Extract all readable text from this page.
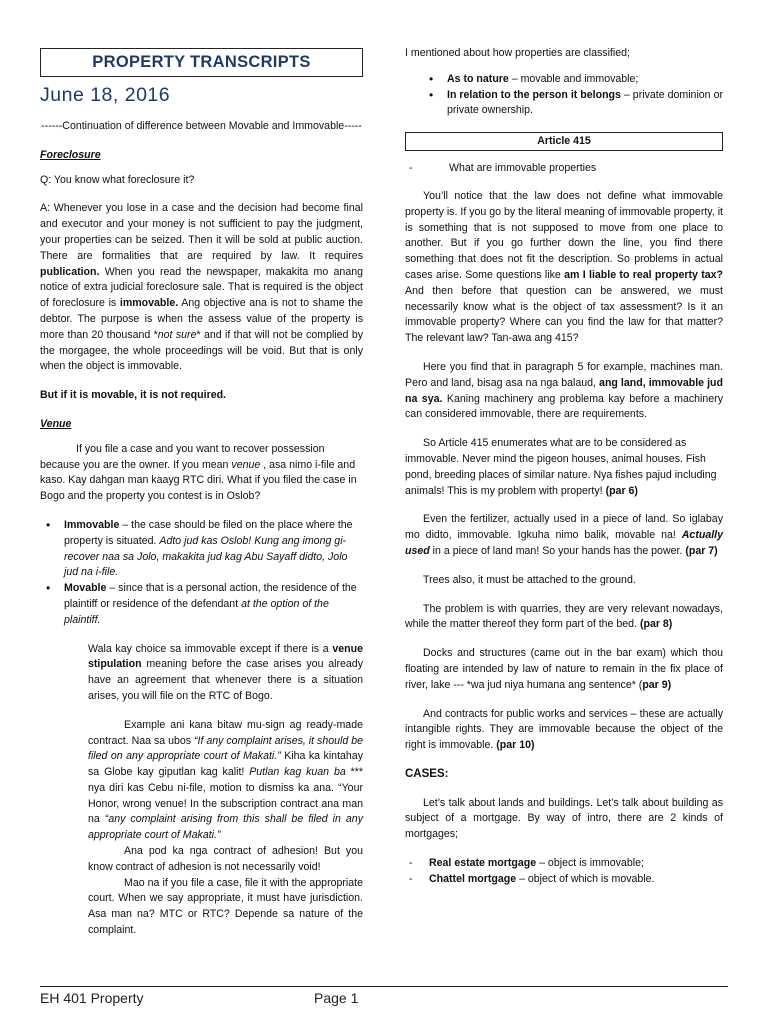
PROPERTY TRANSCRIPTS
June 18, 2016

------Continuation of difference between Movable and Immovable-----

Foreclosure

Q: You know what foreclosure it?

A: Whenever you lose in a case and the decision had become final and executor and your money is not sufficient to pay the judgment, your properties can be seized. Then it will be sold at public auction. There are formalities that are required by law. It requires publication. When you read the newspaper, makakita mo anang notice of extra judicial foreclosure sale. That is required is the object of foreclosure is immovable. Ang objective ana is not to shame the debtor. The purpose is when the assess value of the property is more than 20 thousand *not sure* and if that will not be complied by the morgagee, the whole proceedings will be void. But that is only when the object is immovable.

But if it is movable, it is not required.

Venue

If you file a case and you want to recover possession because you are the owner. If you mean venue , asa nimo i-file and kaso. Kay dahgan man kaayg RTC diri. What if you filed the case in Bogo and the property you contest is in Oslob?

• Immovable – the case should be filed on the place where the property is situated. Adto jud kas Oslob! Kung ang imong gi-recover naa sa Jolo, makakita jud kag Abu Sayaff didto, Jolo jud na i-file.
• Movable – since that is a personal action, the residence of the plaintiff or residence of the defendant at the option of the plaintiff.

Wala kay choice sa immovable except if there is a venue stipulation meaning before the case arises you already have an agreement that whenever there is a situation arises, you will file on the RTC of Bogo.

Example ani kana bitaw mu-sign ag ready-made contract. Naa sa ubos “If any complaint arises, it should be filed on any appropriate court of Makati.” Kiha ka kintahay sa Globe kay giputlan kag kalit! Putlan kag kuan ba *** nya diri kas Cebu ni-file, motion to dismiss ka ana. “Your Honor, wrong venue! In the subscription contract ana man na “any complaint arising from this shall be filed in any appropriate court of Makati.”
Ana pod ka nga contract of adhesion! But you know contract of adhesion is not necessarily void!
Mao na if you file a case, file it with the appropriate court. When we say appropriate, it must have jurisdiction. Asa man na? MTC or RTC? Depende sa nature of the complaint.

I mentioned about how properties are classified;

• As to nature – movable and immovable;
• In relation to the person it belongs – private dominion or private ownership.
Article 415
- What are immovable properties

You’ll notice that the law does not define what immovable property is. If you go by the literal meaning of immovable property, it is something that is not supposed to move from one place to another. But if you go further down the line, you find there something that does not fit the description. So problems in actual cases arise. Some questions like am I liable to real property tax? And then before that question can be answered, we must necessarily know what is the object of tax assessment? Is it an immovable property? Where can you find the law for that matter? The relevant law? Tan-awa ang 415?

Here you find that in paragraph 5 for example, machines man. Pero and land, bisag asa na nga balaud, ang land, immovable jud na sya. Kaning machinery ang problema kay before a machinery can considered immovable, there are requirements.

So Article 415 enumerates what are to be considered as immovable. Never mind the pigeon houses, animal houses. Fish pond, breeding places of similar nature. Nya fishes pajud including animals! This is my problem with property! (par 6)

Even the fertilizer, actually used in a piece of land. So iglabay mo didto, immovable. Igkuha nimo balik, movable na! Actually used in a piece of land man! So your hands has the power. (par 7)

Trees also, it must be attached to the ground.

The problem is with quarries, they are very relevant nowadays, while the matter thereof they form part of the bed. (par 8)

Docks and structures (came out in the bar exam) which thou floating are intended by law of nature to remain in the fix place of river, lake --- *wa jud niya humana ang sentence* (par 9)

And contracts for public works and services – these are actually intangible rights. They are immovable because the object of the right is immovable. (par 10)

CASES:

Let’s talk about lands and buildings. Let’s talk about building as subject of a mortgage. By way of intro, there are 2 kinds of mortgages;

- Real estate mortgage – object is immovable;
- Chattel mortgage – object of which is movable.
EH 401 Property	Page 1
